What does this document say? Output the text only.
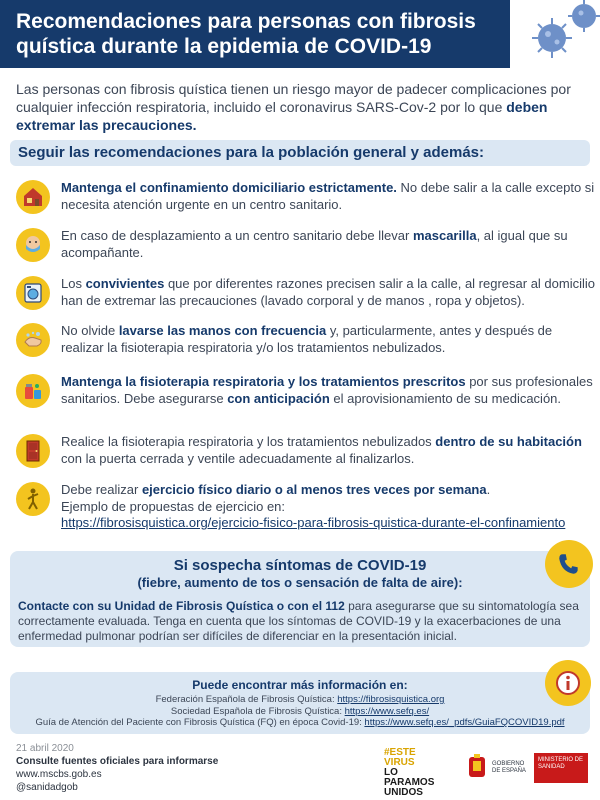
Recomendaciones para personas con fibrosis
quística durante la epidemia de COVID-19
Las personas con fibrosis quística tienen un riesgo mayor de padecer complicaciones por cualquier infección respiratoria, incluido el coronavirus SARS-Cov-2 por lo que deben extremar las precauciones.
Seguir las recomendaciones para la población general y además:
Mantenga el confinamiento domiciliario estrictamente. No debe salir a la calle excepto si necesita atención urgente en un centro sanitario.
En caso de desplazamiento a un centro sanitario debe llevar mascarilla, al igual que su acompañante.
Los convivientes que por diferentes razones precisen salir a la calle, al regresar al domicilio han de extremar las precauciones (lavado corporal y de manos , ropa y objetos).
No olvide lavarse las manos con frecuencia y, particularmente, antes y después de realizar la fisioterapia respiratoria y/o los tratamientos nebulizados.
Mantenga la fisioterapia respiratoria y los tratamientos prescritos por sus profesionales sanitarios. Debe asegurarse con anticipación el aprovisionamiento de su medicación.
Realice la fisioterapia respiratoria y los tratamientos nebulizados dentro de su habitación con la puerta cerrada y ventile adecuadamente al finalizarlos.
Debe realizar ejercicio físico diario o al menos tres veces por semana.
Ejemplo de propuestas de ejercicio en:
https://fibrosisquistica.org/ejercicio-fisico-para-fibrosis-quistica-durante-el-confinamiento
Si sospecha síntomas de COVID-19
(fiebre, aumento de tos o sensación de falta de aire):
Contacte con su Unidad de Fibrosis Quística o con el 112 para asegurarse que su sintomatología sea correctamente evaluada. Tenga en cuenta que los síntomas de COVID-19 y la exacerbaciones de una enfermedad pulmonar podrían ser difíciles de diferenciar en la presentación inicial.
Puede encontrar más información en:
Federación Española de Fibrosis Quística: https://fibrosisquistica.org
Sociedad Española de Fibrosis Quística: https://www.sefq.es/
Guía de Atención del Paciente con Fibrosis Quística (FQ) en época Covid-19: https://www.sefq.es/_pdfs/GuiaFQCOVID19.pdf
21 abril 2020
Consulte fuentes oficiales para informarse
www.mscbs.gob.es
@sanidadgob
#ESTE
VIRUS
LO
PARAMOS
UNIDOS
GOBIERNO DE ESPAÑA
MINISTERIO DE SANIDAD
